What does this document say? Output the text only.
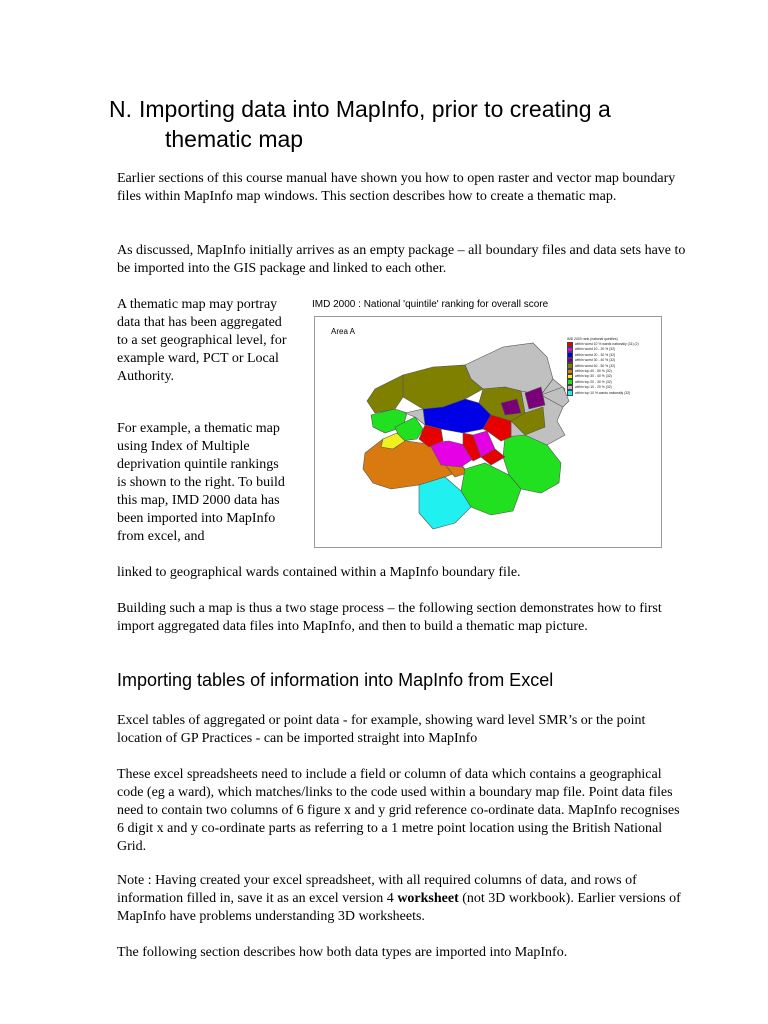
N. Importing data into MapInfo, prior to creating a
thematic map

Earlier sections of this course manual have shown you how to open raster and vector map boundary files within MapInfo map windows. This section describes how to create a thematic map.

As discussed, MapInfo initially arrives as an empty package – all boundary files and data sets have to be imported into the GIS package and linked to each other.

A thematic map may portray data that has been aggregated to a set geographical level, for example ward, PCT or Local Authority.

For example, a thematic map using Index of Multiple deprivation quintile rankings is shown to the right. To build this map, IMD 2000 data has been imported into MapInfo from excel, and

IMD 2000 : National 'quintile' ranking for overall score
Area A
IMD 2000 rank (national quintiles)
within worst 10 % wards nationally (31) (2)
within worst 10 - 20 % (32)
within worst 20 - 30 % (32)
within worst 30 - 40 % (32)
within worst 40 - 50 % (32)
within top 40 - 50 % (32)
within top 30 - 40 % (32)
within top 20 - 30 % (32)
within top 10 - 20 % (32)
within top 10 % wards nationally (32)

linked to geographical wards contained within a MapInfo boundary file.

Building such a map is thus a two stage process – the following section demonstrates how to first import aggregated data files into MapInfo, and then to build a thematic map picture.

Importing tables of information into MapInfo from Excel

Excel tables of aggregated or point data - for example, showing ward level SMR’s or the point location of GP Practices - can be imported straight into MapInfo

These excel spreadsheets need to include a field or column of data which contains a geographical code (eg a ward), which matches/links to the code used within a boundary map file. Point data files need to contain two columns of 6 figure x and y grid reference co-ordinate data. MapInfo recognises 6 digit x and y co-ordinate parts as referring to a 1 metre point location using the British National Grid.

Note : Having created your excel spreadsheet, with all required columns of data, and rows of information filled in, save it as an excel version 4 worksheet (not 3D workbook). Earlier versions of MapInfo have problems understanding 3D worksheets.

The following section describes how both data types are imported into MapInfo.
